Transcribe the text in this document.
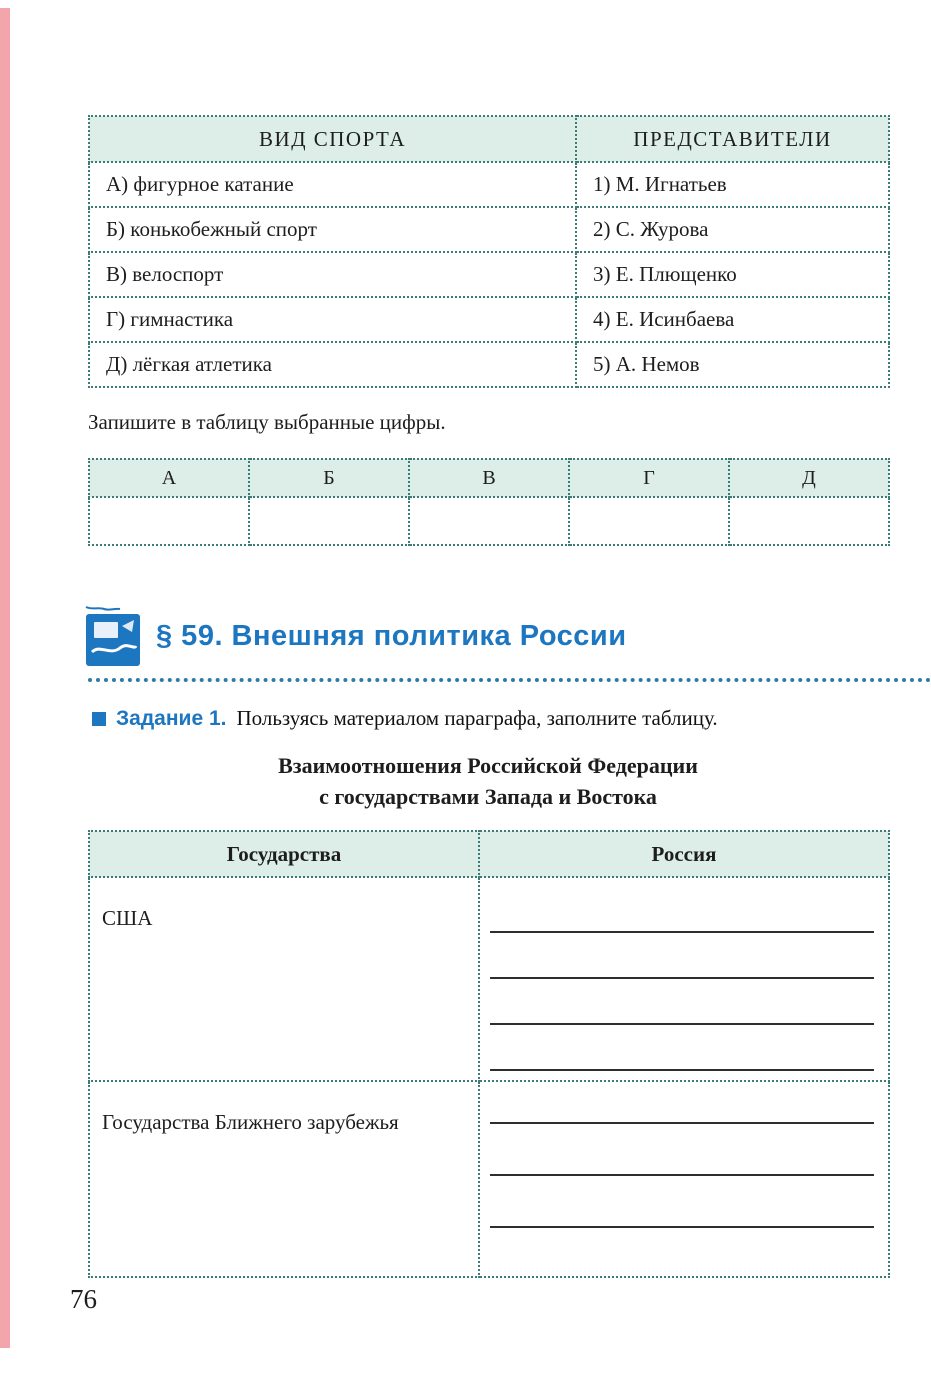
ВИД СПОРТА	ПРЕДСТАВИТЕЛИ
А) фигурное катание	1) М. Игнатьев
Б) конькобежный спорт	2) С. Журова
В) велоспорт	3) Е. Плющенко
Г) гимнастика	4) Е. Исинбаева
Д) лёгкая атлетика	5) А. Немов
Запишите в таблицу выбранные цифры.
А	Б	В	Г	Д

§ 59. Внешняя политика России
Задание 1. Пользуясь материалом параграфа, заполните таблицу.
Взаимоотношения Российской Федерации
с государствами Запада и Востока
Государства	Россия
США	

Государства Ближнего зарубежья	
76
